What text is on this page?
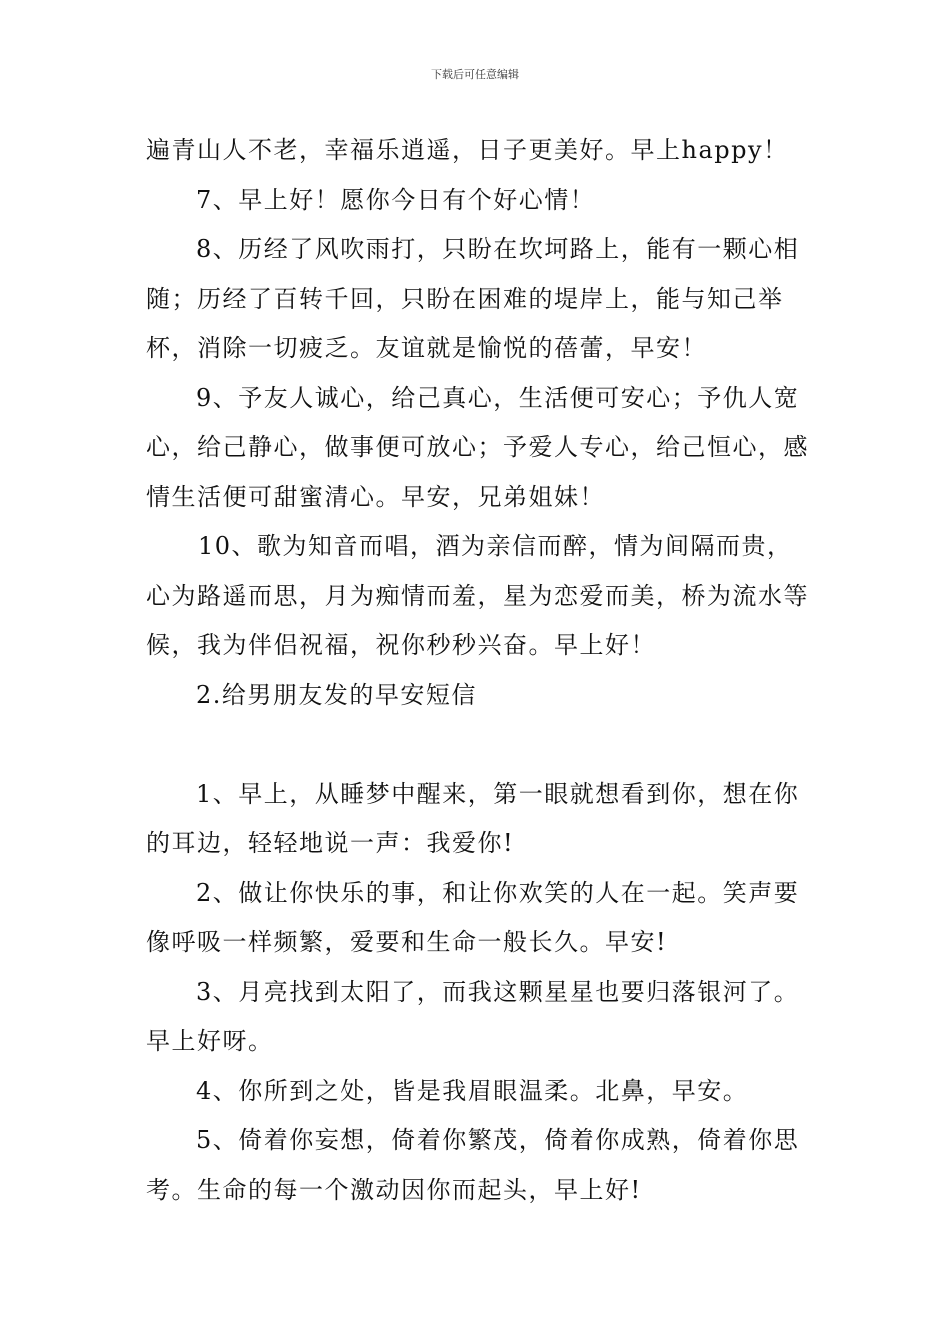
下载后可任意编辑

遍青山人不老，幸福乐逍遥，日子更美好。早上happy！

7、早上好！愿你今日有个好心情！

8、历经了风吹雨打，只盼在坎坷路上，能有一颗心相随；历经了百转千回，只盼在困难的堤岸上，能与知己举杯，消除一切疲乏。友谊就是愉悦的蓓蕾，早安！

9、予友人诚心，给己真心，生活便可安心；予仇人宽心，给己静心，做事便可放心；予爱人专心，给己恒心，感情生活便可甜蜜清心。早安，兄弟姐妹！

10、歌为知音而唱，酒为亲信而醉，情为间隔而贵，心为路遥而思，月为痴情而羞，星为恋爱而美，桥为流水等候，我为伴侣祝福，祝你秒秒兴奋。早上好！

2.给男朋友发的早安短信

1、早上，从睡梦中醒来，第一眼就想看到你，想在你的耳边，轻轻地说一声：我爱你!

2、做让你快乐的事，和让你欢笑的人在一起。笑声要像呼吸一样频繁，爱要和生命一般长久。早安!

3、月亮找到太阳了，而我这颗星星也要归落银河了。早上好呀。

4、你所到之处，皆是我眉眼温柔。北鼻，早安。

5、倚着你妄想，倚着你繁茂，倚着你成熟，倚着你思考。生命的每一个激动因你而起头，早上好!
